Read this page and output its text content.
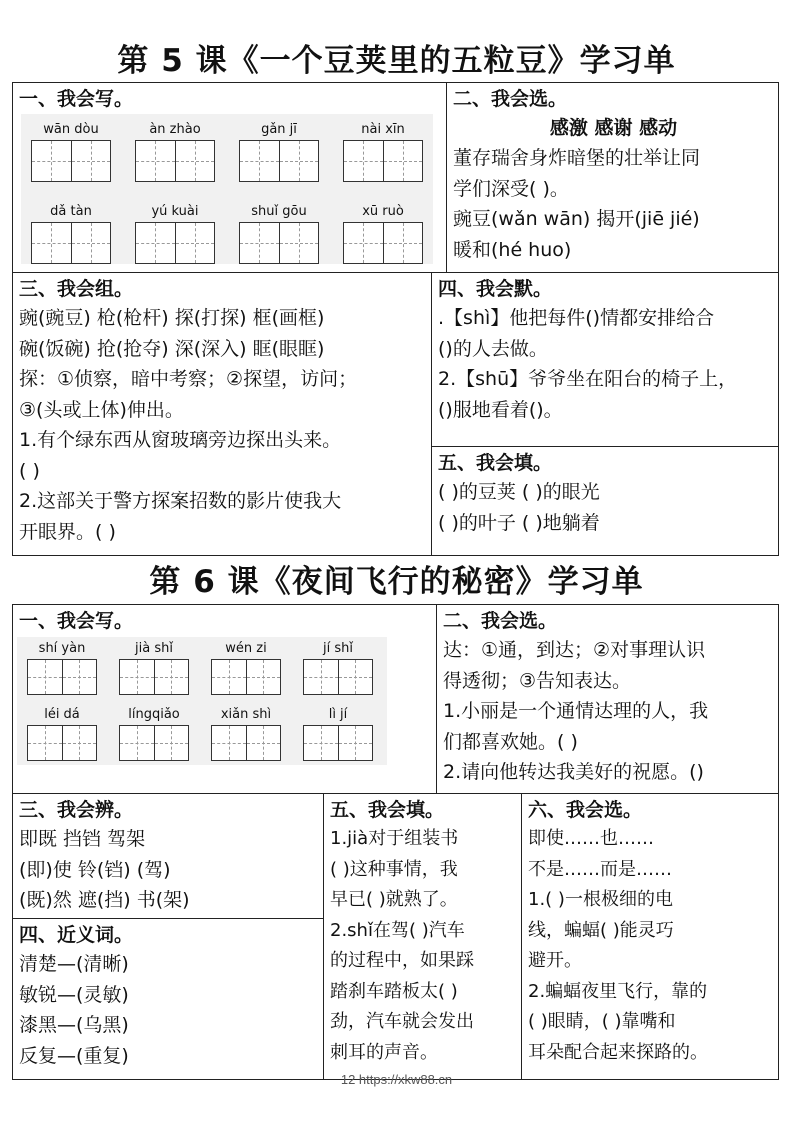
第 5 课《一个豆荚里的五粒豆》学习单
一、我会写。
wān dòu	àn zhào	gǎn jī	nài xīn
dǎ tàn	yú kuài	shuǐ gōu	xū ruò
二、我会选。
感激 感谢 感动
董存瑞舍身炸暗堡的壮举让同
学们深受( )。
豌豆(wǎn wān) 揭开(jiē jié)
暖和(hé huo)
三、我会组。
豌(豌豆) 枪(枪杆) 探(打探) 框(画框)
碗(饭碗) 抢(抢夺) 深(深入) 眶(眼眶)
探：①侦察，暗中考察；②探望，访问；
③(头或上体)伸出。
1.有个绿东西从窗玻璃旁边探出头来。
( )
2.这部关于警方探案招数的影片使我大
开眼界。( )
四、我会默。
.【shì】他把每件()情都安排给合
()的人去做。
2.【shū】爷爷坐在阳台的椅子上，
()服地看着()。
五、我会填。
( )的豆荚 ( )的眼光
( )的叶子 ( )地躺着
第 6 课《夜间飞行的秘密》学习单
一、我会写。
shí yàn	jià shǐ	wén zi	jí shǐ
léi dá	língqiǎo	xiǎn shì	lì jí
二、我会选。
达：①通，到达；②对事理认识
得透彻；③告知表达。
1.小丽是一个通情达理的人，我
们都喜欢她。( )
2.请向他转达我美好的祝愿。()
三、我会辨。
即既 挡铛 驾架
(即)使 铃(铛) (驾)
(既)然 遮(挡) 书(架)
四、近义词。
清楚—(清晰)
敏锐—(灵敏)
漆黑—(乌黑)
反复—(重复)
五、我会填。
1.jià对于组装书
( )这种事情，我
早已( )就熟了。
2.shǐ在驾( )汽车
的过程中，如果踩
踏刹车踏板太( )
劲，汽车就会发出
刺耳的声音。
六、我会选。
即使……也……
不是……而是……
1.( )一根极细的电
线，蝙蝠( )能灵巧
避开。
2.蝙蝠夜里飞行，靠的
( )眼睛，( )靠嘴和
耳朵配合起来探路的。
12 https://xkw88.cn
